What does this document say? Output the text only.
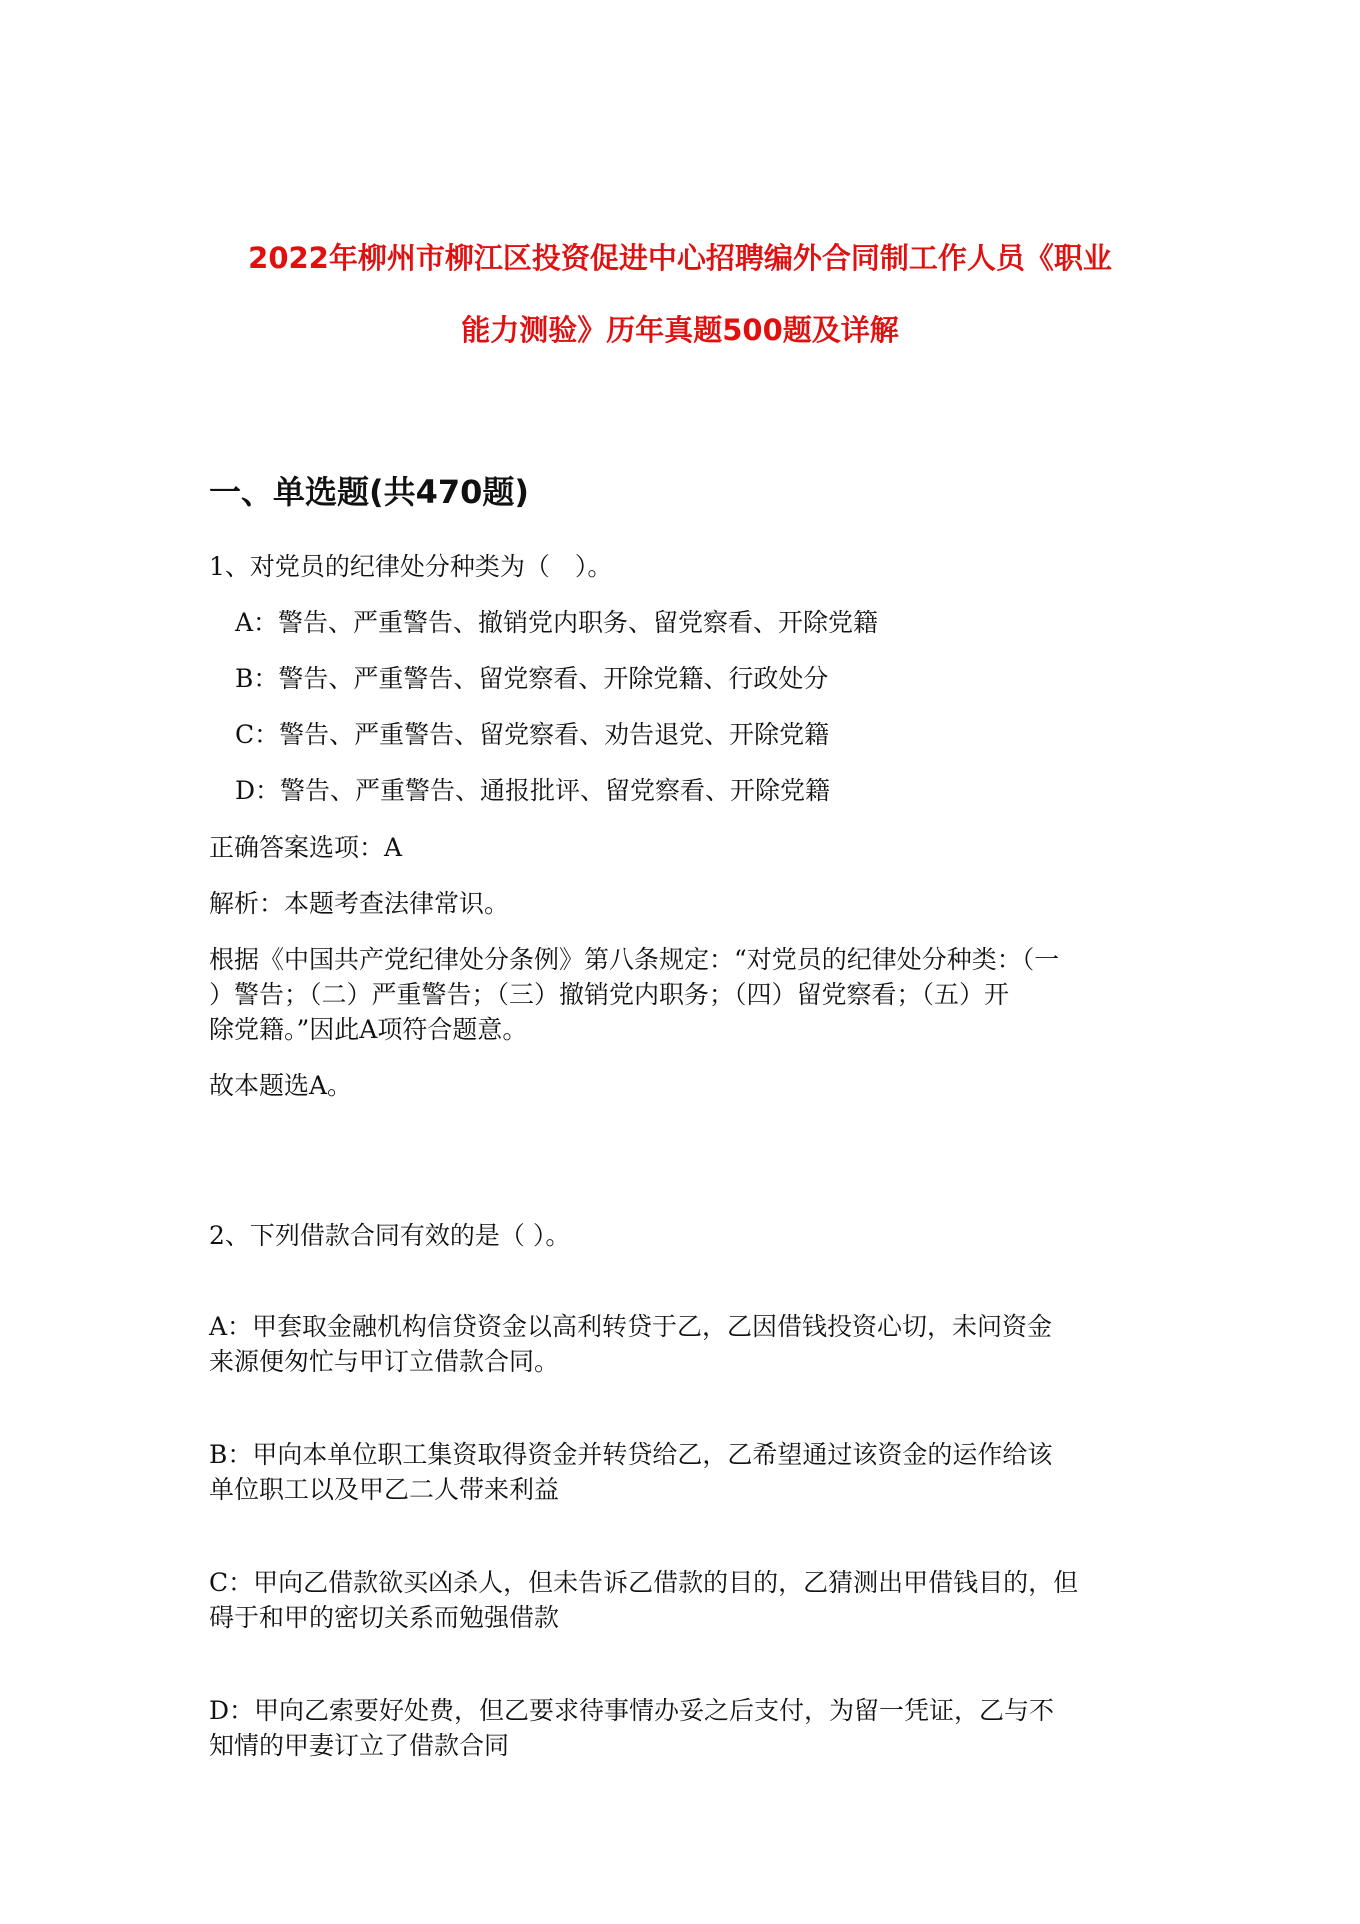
2022年柳州市柳江区投资促进中心招聘编外合同制工作人员《职业
能力测验》历年真题500题及详解
一、单选题(共470题)
1、对党员的纪律处分种类为（　）。
A：警告、严重警告、撤销党内职务、留党察看、开除党籍
B：警告、严重警告、留党察看、开除党籍、行政处分
C：警告、严重警告、留党察看、劝告退党、开除党籍
D：警告、严重警告、通报批评、留党察看、开除党籍
正确答案选项：A
解析：本题考查法律常识。
根据《中国共产党纪律处分条例》第八条规定：“对党员的纪律处分种类：（一
）警告；（二）严重警告；（三）撤销党内职务；（四）留党察看；（五）开
除党籍。”因此A项符合题意。
故本题选A。
2、下列借款合同有效的是（ ）。
A：甲套取金融机构信贷资金以高利转贷于乙，乙因借钱投资心切，未问资金
来源便匆忙与甲订立借款合同。
B：甲向本单位职工集资取得资金并转贷给乙，乙希望通过该资金的运作给该
单位职工以及甲乙二人带来利益
C：甲向乙借款欲买凶杀人，但未告诉乙借款的目的，乙猜测出甲借钱目的，但
碍于和甲的密切关系而勉强借款
D：甲向乙索要好处费，但乙要求待事情办妥之后支付，为留一凭证，乙与不
知情的甲妻订立了借款合同
